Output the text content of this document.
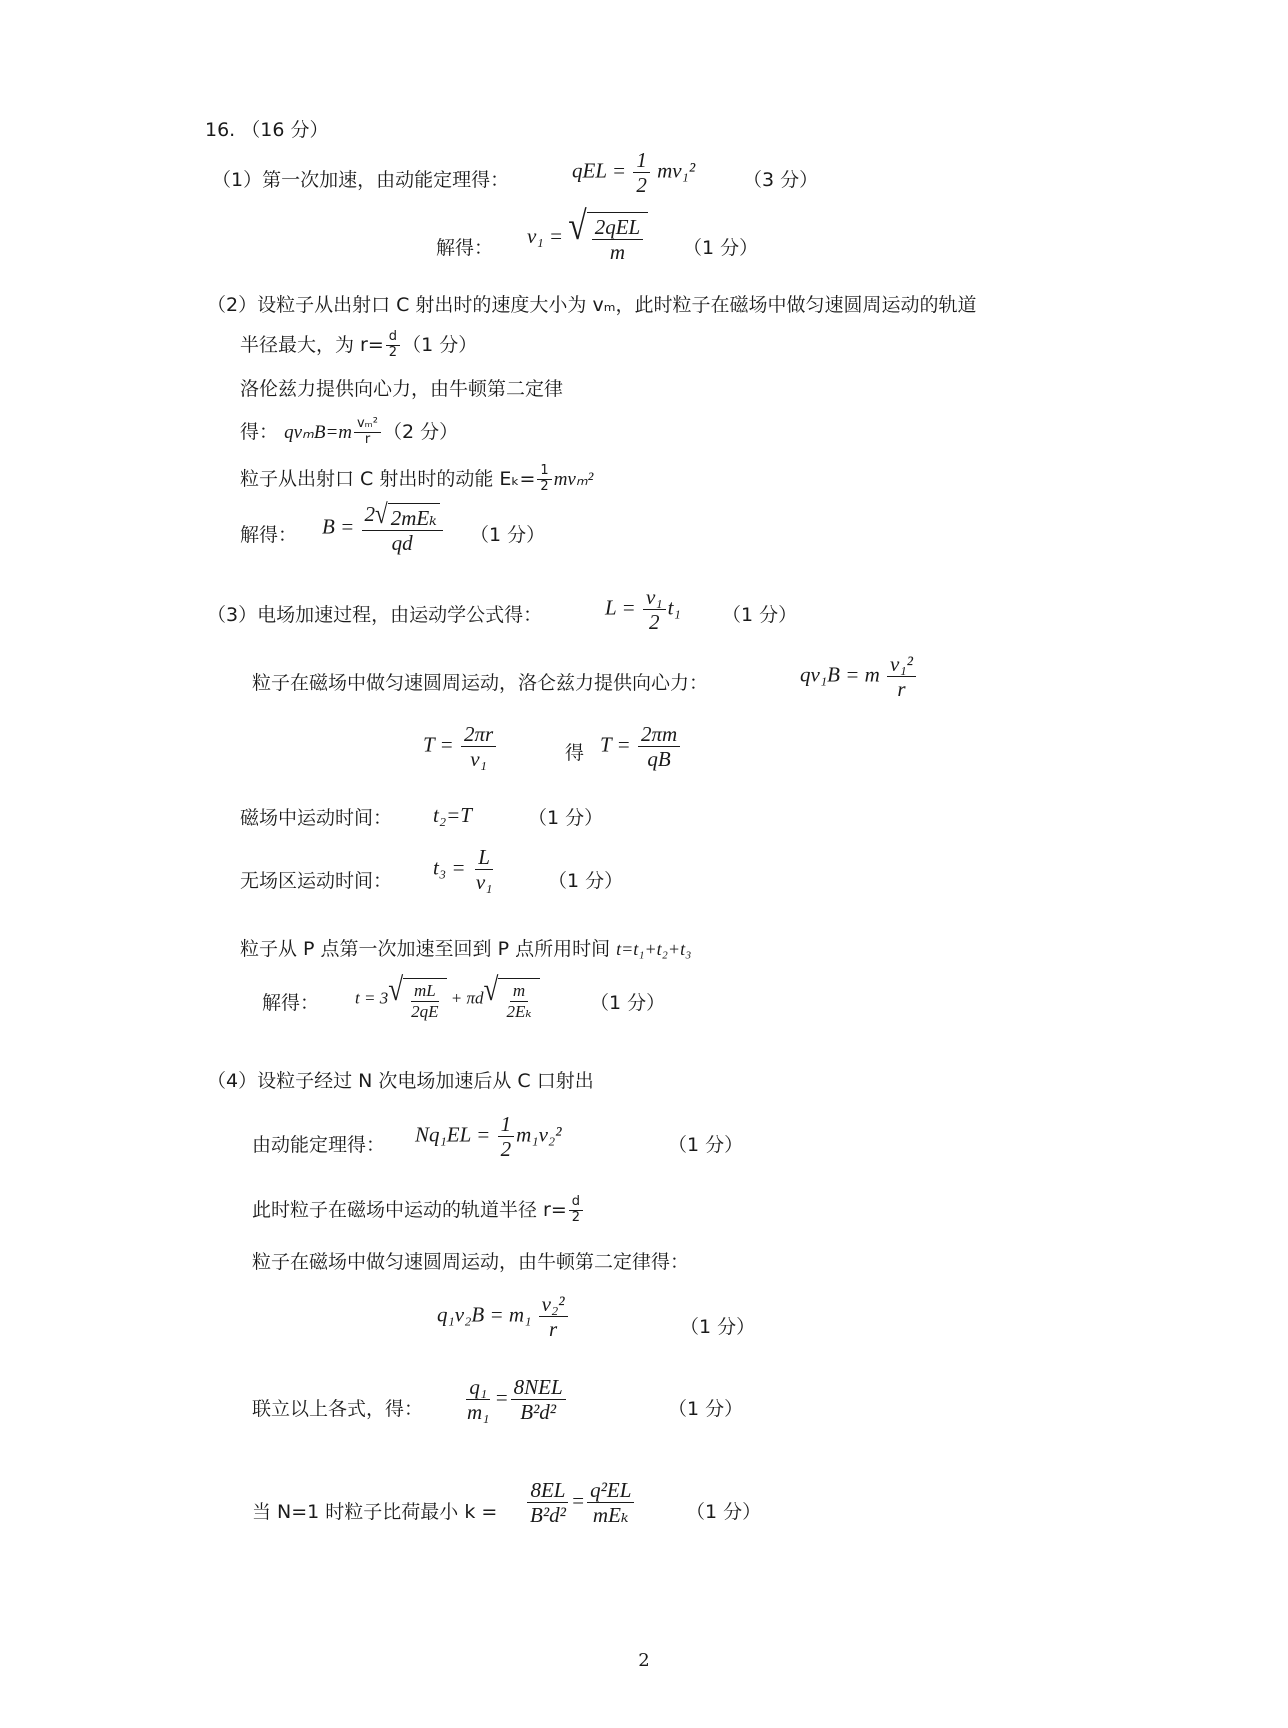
16. （16 分）
（1）第一次加速，由动能定理得：	qEL = $\frac{1}{2} mv_1^2$	（3 分）
解得：
v₁ = √ $\frac{\text{2qEL}}{m} (1$ 分）
（2）设粒子从出射口 C 射出时的速度大小为 vₘ，此时粒子在磁场中做匀速圆周运动的轨道
半径最大，为 $r= \frac{d}{2} (1$ 分）
洛伦兹力提供向心力，由牛顿第二定律
得： $qv_mB=m \frac{\text{vₘ²}}{r} (2$ 分）
粒子从出射口 C 射出时的动能 $E_k= \frac{1}{2} mv_m^2$
解得： $B = \frac{\text{2 √ 2mEₖ}}{qd} (1$ 分）
（3）电场加速过程，由运动学公式得：	$L = \frac{\text{v₁}}{2} t_1$ （1 分）
粒子在磁场中做匀速圆周运动，洛仑兹力提供向心力：	qv₁B = m $\frac{\text{v₁²}}{r}$
$T = \frac{2\pi r}{\text{v₁}}$	得 $T = \frac{2\pi m}{qB}$
磁场中运动时间： t₂=T	（1 分）
无场区运动时间：
$t_3 = \frac{L}{\text{v₁}}$	（1 分）
粒子从 P 点第一次加速至回到 P 点所用时间 t=t₁+t₂+t₃
解得： t = 3 √ $\frac{mL}{2qE} + \pi d$ √ $\frac{m}{\text{2Eₖ}}$	（1 分）
（4）设粒子经过 N 次电场加速后从 C 口射出
由动能定理得： $Nq_1EL = \frac{1}{2} m_1v_2^2$	（1 分）
此时粒子在磁场中运动的轨道半径 $r= \frac{d}{2}$
粒子在磁场中做匀速圆周运动，由牛顿第二定律得：
$q_1v_2B = m_1 \frac{\text{v₂²}}{r}$	（1 分）
联立以上各式，得： $\frac{\text{q₁}}{\text{m₁}} = \frac{\text{8NEL}}{\text{B²d²}}$	（1 分）
当 N=1 时粒子比荷最小 $k = \frac{8EL}{\text{B²d²}} = \frac{\text{q²EL}}{\text{mEₖ}}$	（1 分）
2
